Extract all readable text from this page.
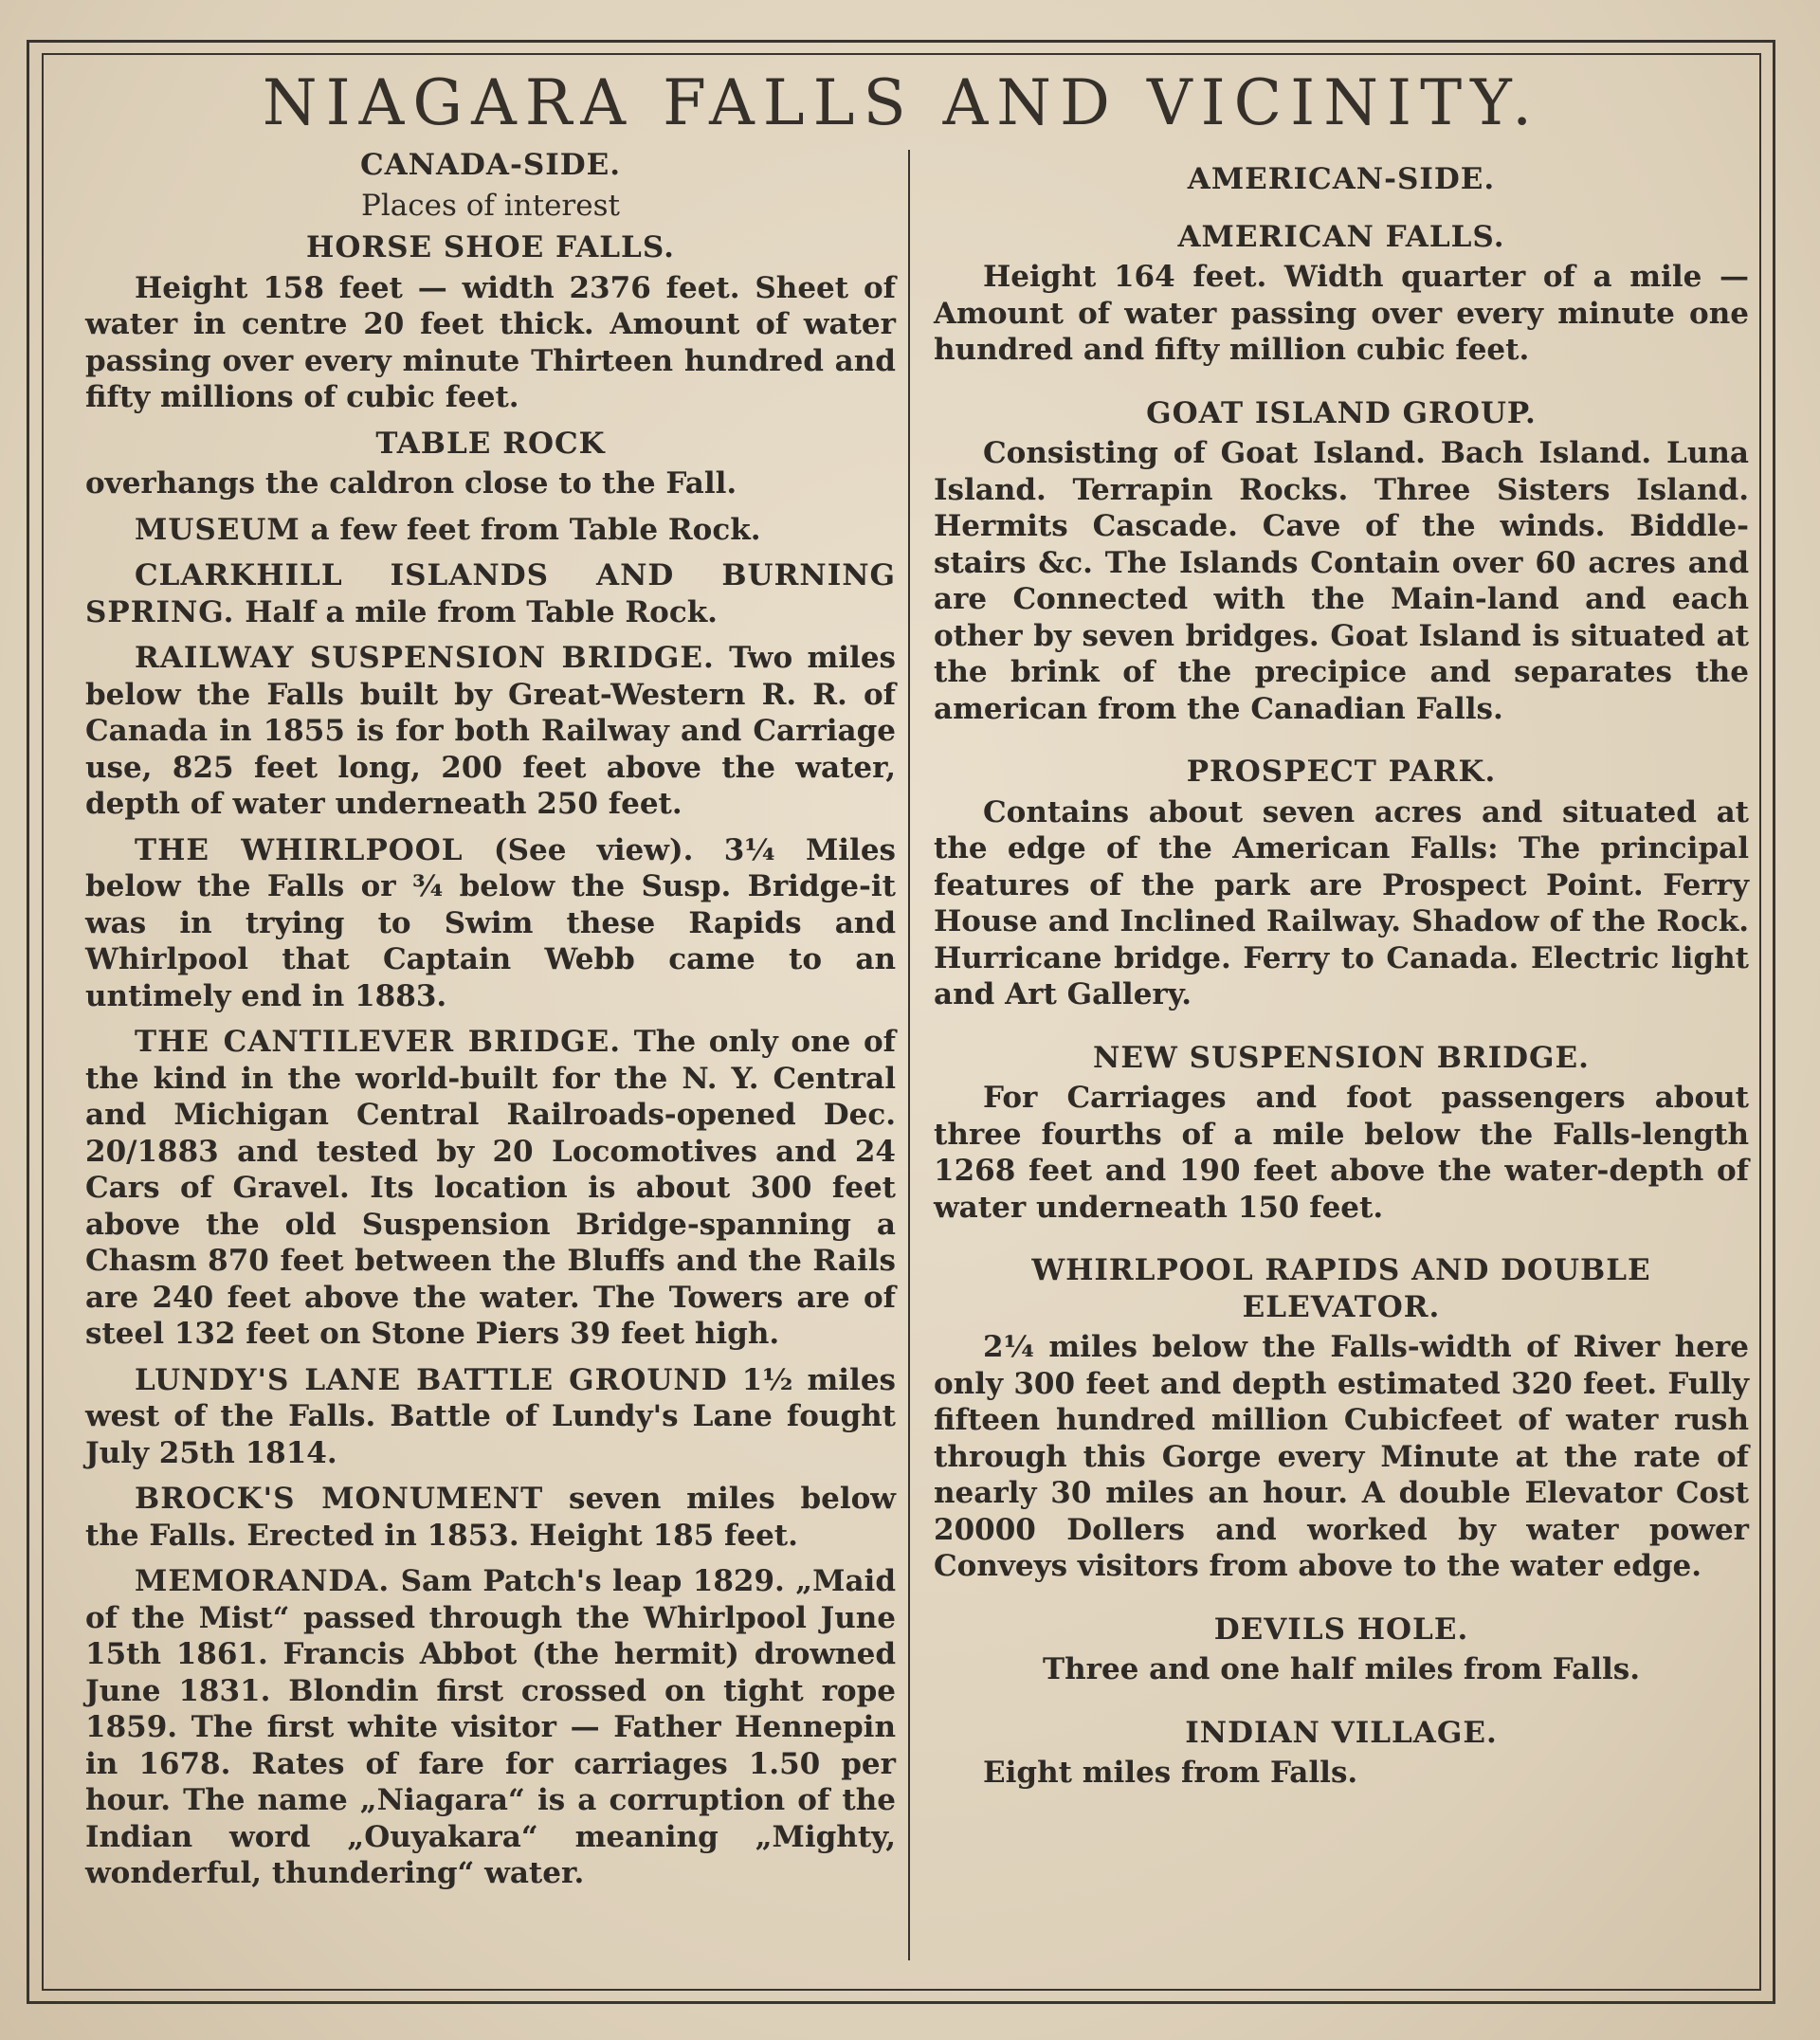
NIAGARA FALLS AND VICINITY.
CANADA-SIDE.
Places of interest
HORSE SHOE FALLS.

Height 158 feet — width 2376 feet. Sheet of water in centre 20 feet thick. Amount of water passing over every minute Thirteen hundred and fifty millions of cubic feet.

TABLE ROCK

overhangs the caldron close to the Fall.

MUSEUM a few feet from Table Rock.

CLARKHILL ISLANDS AND BURNING SPRING. Half a mile from Table Rock.

RAILWAY SUSPENSION BRIDGE. Two miles below the Falls built by Great-Western R. R. of Canada in 1855 is for both Railway and Carriage use, 825 feet long, 200 feet above the water, depth of water underneath 250 feet.

THE WHIRLPOOL (See view). 3¼ Miles below the Falls or ¾ below the Susp. Bridge-it was in trying to Swim these Rapids and Whirlpool that Captain Webb came to an untimely end in 1883.

THE CANTILEVER BRIDGE. The only one of the kind in the world-built for the N. Y. Central and Michigan Central Railroads-opened Dec. 20/1883 and tested by 20 Locomotives and 24 Cars of Gravel. Its location is about 300 feet above the old Suspension Bridge-spanning a Chasm 870 feet between the Bluffs and the Rails are 240 feet above the water. The Towers are of steel 132 feet on Stone Piers 39 feet high.

LUNDY'S LANE BATTLE GROUND 1½ miles west of the Falls. Battle of Lundy's Lane fought July 25th 1814.

BROCK'S MONUMENT seven miles below the Falls. Erected in 1853. Height 185 feet.

MEMORANDA. Sam Patch's leap 1829. „Maid of the Mist“ passed through the Whirlpool June 15th 1861. Francis Abbot (the hermit) drowned June 1831. Blondin first crossed on tight rope 1859. The first white visitor — Father Hennepin in 1678. Rates of fare for carriages 1.50 per hour. The name „Niagara“ is a corruption of the Indian word „Ouyakara“ meaning „Mighty, wonderful, thundering“ water.

AMERICAN-SIDE.
AMERICAN FALLS.

Height 164 feet. Width quarter of a mile — Amount of water passing over every minute one hundred and fifty million cubic feet.

GOAT ISLAND GROUP.

Consisting of Goat Island. Bach Island. Luna Island. Terrapin Rocks. Three Sisters Island. Hermits Cascade. Cave of the winds. Biddle-stairs &c. The Islands Contain over 60 acres and are Connected with the Main-land and each other by seven bridges. Goat Island is situated at the brink of the precipice and separates the american from the Canadian Falls.

PROSPECT PARK.

Contains about seven acres and situated at the edge of the American Falls: The principal features of the park are Prospect Point. Ferry House and Inclined Railway. Shadow of the Rock. Hurricane bridge. Ferry to Canada. Electric light and Art Gallery.

NEW SUSPENSION BRIDGE.

For Carriages and foot passengers about three fourths of a mile below the Falls-length 1268 feet and 190 feet above the water-depth of water underneath 150 feet.

WHIRLPOOL RAPIDS AND DOUBLE ELEVATOR.

2¼ miles below the Falls-width of River here only 300 feet and depth estimated 320 feet. Fully fifteen hundred million Cubicfeet of water rush through this Gorge every Minute at the rate of nearly 30 miles an hour. A double Elevator Cost 20000 Dollers and worked by water power Conveys visitors from above to the water edge.

DEVILS HOLE.

Three and one half miles from Falls.

INDIAN VILLAGE.

Eight miles from Falls.
